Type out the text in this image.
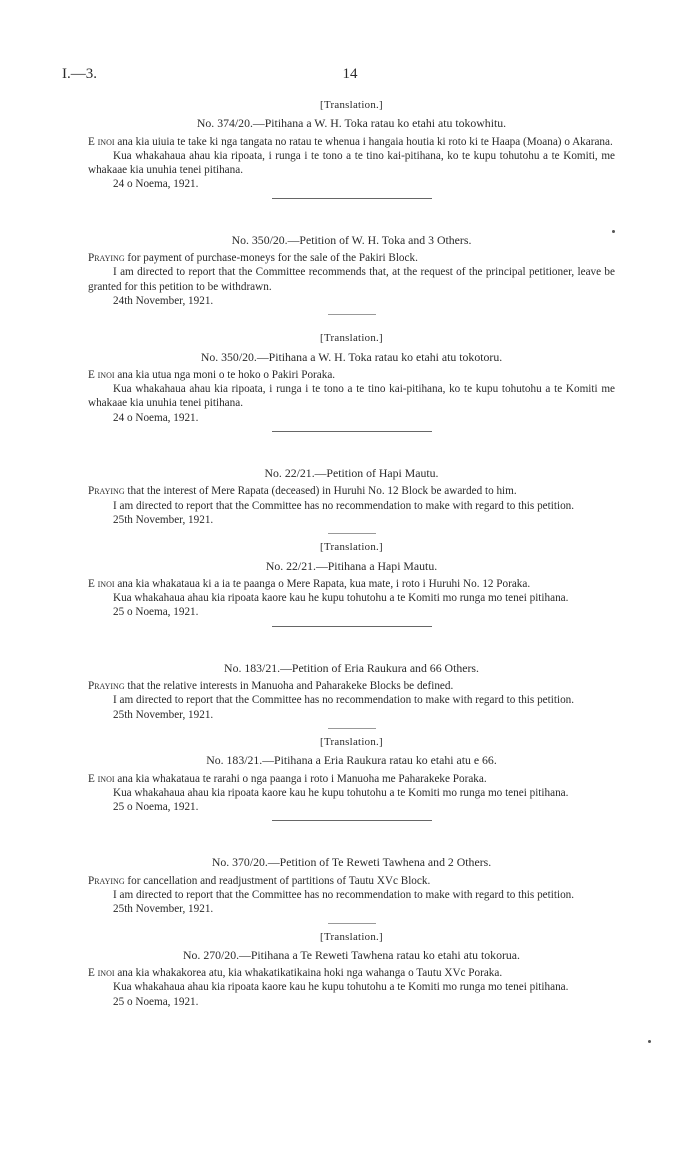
I.—3.	14
[Translation.]
No. 374/20.—Pitihana a W. H. Toka ratau ko etahi atu tokowhitu.

E inoi ana kia uiuia te take ki nga tangata no ratau te whenua i hangaia houtia ki roto ki te Haapa (Moana) o Akarana.

Kua whakahaua ahau kia ripoata, i runga i te tono a te tino kai-pitihana, ko te kupu tohutohu a te Komiti, me whakaae kia unuhia tenei pitihana.

24 o Noema, 1921.

No. 350/20.—Petition of W. H. Toka and 3 Others.

Praying for payment of purchase-moneys for the sale of the Pakiri Block.

I am directed to report that the Committee recommends that, at the request of the principal petitioner, leave be granted for this petition to be withdrawn.

24th November, 1921.

[Translation.]
No. 350/20.—Pitihana a W. H. Toka ratau ko etahi atu tokotoru.

E inoi ana kia utua nga moni o te hoko o Pakiri Poraka.

Kua whakahaua ahau kia ripoata, i runga i te tono a te tino kai-pitihana, ko te kupu tohutohu a te Komiti me whakaae kia unuhia tenei pitihana.

24 o Noema, 1921.

No. 22/21.—Petition of Hapi Mautu.

Praying that the interest of Mere Rapata (deceased) in Huruhi No. 12 Block be awarded to him.

I am directed to report that the Committee has no recommendation to make with regard to this petition.

25th November, 1921.

[Translation.]
No. 22/21.—Pitihana a Hapi Mautu.

E inoi ana kia whakataua ki a ia te paanga o Mere Rapata, kua mate, i roto i Huruhi No. 12 Poraka.

Kua whakahaua ahau kia ripoata kaore kau he kupu tohutohu a te Komiti mo runga mo tenei pitihana.

25 o Noema, 1921.

No. 183/21.—Petition of Eria Raukura and 66 Others.

Praying that the relative interests in Manuoha and Paharakeke Blocks be defined.

I am directed to report that the Committee has no recommendation to make with regard to this petition.

25th November, 1921.

[Translation.]
No. 183/21.—Pitihana a Eria Raukura ratau ko etahi atu e 66.

E inoi ana kia whakataua te rarahi o nga paanga i roto i Manuoha me Paharakeke Poraka.

Kua whakahaua ahau kia ripoata kaore kau he kupu tohutohu a te Komiti mo runga mo tenei pitihana.

25 o Noema, 1921.

No. 370/20.—Petition of Te Reweti Tawhena and 2 Others.

Praying for cancellation and readjustment of partitions of Tautu XVc Block.

I am directed to report that the Committee has no recommendation to make with regard to this petition.

25th November, 1921.

[Translation.]
No. 270/20.—Pitihana a Te Reweti Tawhena ratau ko etahi atu tokorua.

E inoi ana kia whakakorea atu, kia whakatikatikaina hoki nga wahanga o Tautu XVc Poraka.

Kua whakahaua ahau kia ripoata kaore kau he kupu tohutohu a te Komiti mo runga mo tenei pitihana.

25 o Noema, 1921.
